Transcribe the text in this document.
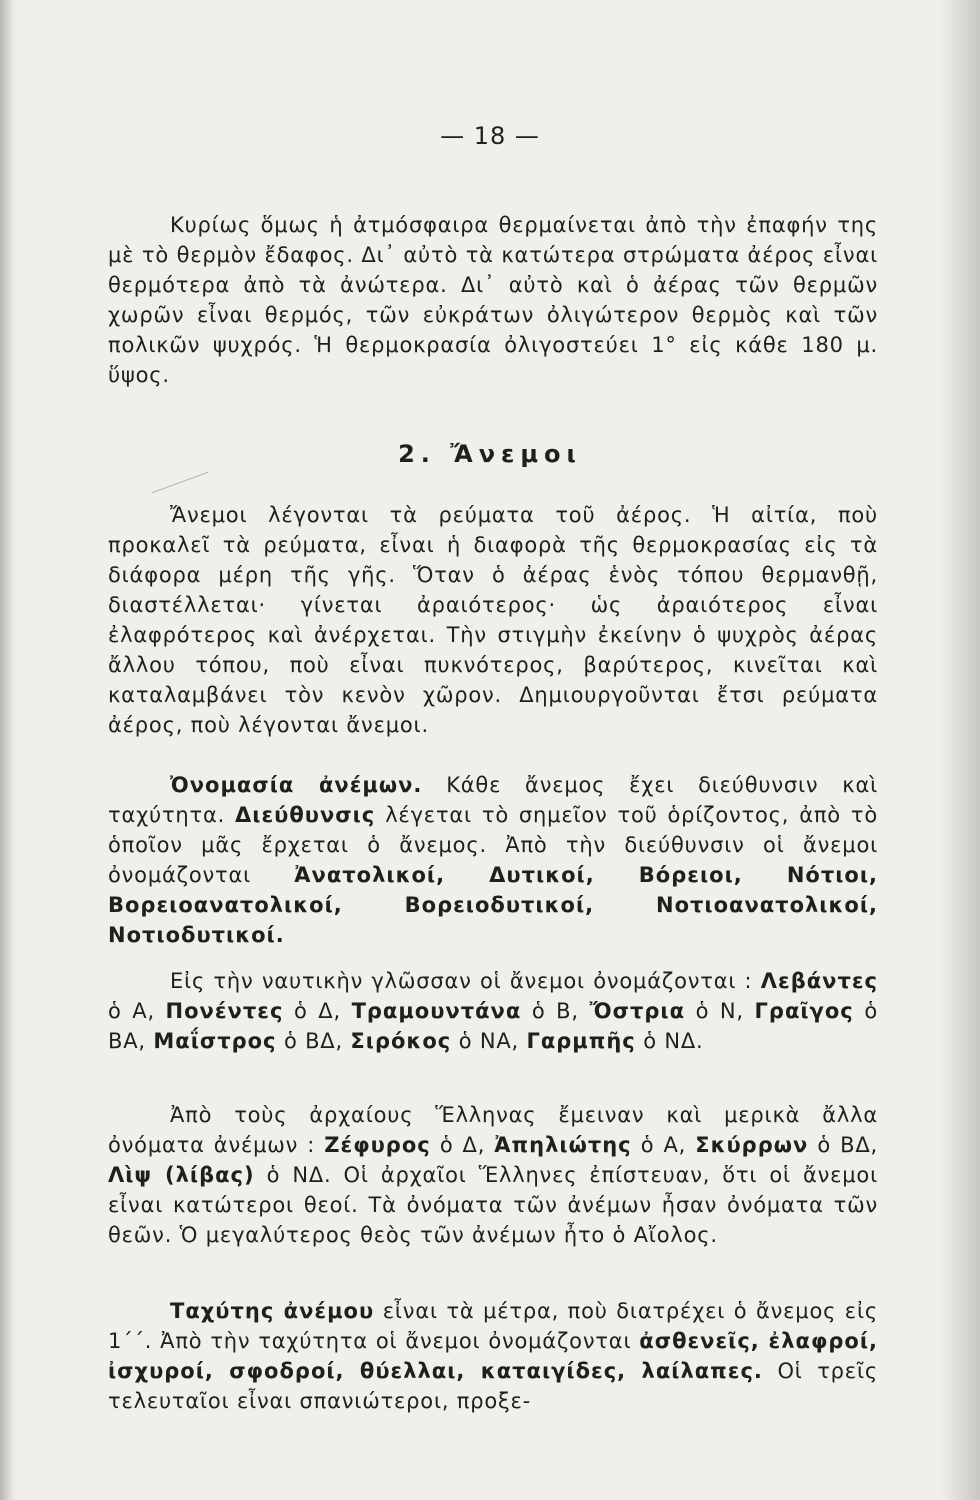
— 18 —

Κυρίως ὅμως ἡ ἀτμόσφαιρα θερμαίνεται ἀπὸ τὴν ἐπαφήν της μὲ τὸ θερμὸν ἔδαφος. Δι᾽ αὐτὸ τὰ κατώτερα στρώματα ἀέρος εἶναι θερμότερα ἀπὸ τὰ ἀνώτερα. Δι᾽ αὐτὸ καὶ ὁ ἀέρας τῶν θερμῶν χωρῶν εἶναι θερμός, τῶν εὐκράτων ὀλιγώτερον θερμὸς καὶ τῶν πολικῶν ψυχρός. Ἡ θερμοκρασία ὀλιγοστεύει 1° εἰς κάθε 180 μ. ὕψος.

2. Ἄνεμοι

Ἄνεμοι λέγονται τὰ ρεύματα τοῦ ἀέρος. Ἡ αἰτία, ποὺ προκαλεῖ τὰ ρεύματα, εἶναι ἡ διαφορὰ τῆς θερμοκρασίας εἰς τὰ διάφορα μέρη τῆς γῆς. Ὅταν ὁ ἀέρας ἑνὸς τόπου θερμανθῇ, διαστέλλεται· γίνεται ἀραιότερος· ὡς ἀραιότερος εἶναι ἐλαφρότερος καὶ ἀνέρχεται. Τὴν στιγμὴν ἐκείνην ὁ ψυχρὸς ἀέρας ἄλλου τόπου, ποὺ εἶναι πυκνότερος, βαρύτερος, κινεῖται καὶ καταλαμβάνει τὸν κενὸν χῶρον. Δημιουργοῦνται ἔτσι ρεύματα ἀέρος, ποὺ λέγονται ἄνεμοι.

Ὀνομασία ἀνέμων. Κάθε ἄνεμος ἔχει διεύθυνσιν καὶ ταχύτητα. Διεύθυνσις λέγεται τὸ σημεῖον τοῦ ὁρίζοντος, ἀπὸ τὸ ὁποῖον μᾶς ἔρχεται ὁ ἄνεμος. Ἀπὸ τὴν διεύθυνσιν οἱ ἄνεμοι ὀνομάζονται Ἀνατολικοί, Δυτικοί, Βόρειοι, Νότιοι, Βορειοανατολικοί, Βορειοδυτικοί, Νοτιοανατολικοί, Νοτιοδυτικοί.

Εἰς τὴν ναυτικὴν γλῶσσαν οἱ ἄνεμοι ὀνομάζονται : Λεβάντες ὁ Α, Πονέντες ὁ Δ, Τραμουντάνα ὁ Β, Ὄστρια ὁ Ν, Γραῖγος ὁ ΒΑ, Μαΐστρος ὁ ΒΔ, Σιρόκος ὁ ΝΑ, Γαρμπῆς ὁ ΝΔ.

Ἀπὸ τοὺς ἀρχαίους Ἕλληνας ἔμειναν καὶ μερικὰ ἄλλα ὀνόματα ἀνέμων : Ζέφυρος ὁ Δ, Ἀπηλιώτης ὁ Α, Σκύρρων ὁ ΒΔ, Λὶψ (λίβας) ὁ ΝΔ. Οἱ ἀρχαῖοι Ἕλληνες ἐπίστευαν, ὅτι οἱ ἄνεμοι εἶναι κατώτεροι θεοί. Τὰ ὀνόματα τῶν ἀνέμων ἦσαν ὀνόματα τῶν θεῶν. Ὁ μεγαλύτερος θεὸς τῶν ἀνέμων ἦτο ὁ Αἴολος.

Ταχύτης ἀνέμου εἶναι τὰ μέτρα, ποὺ διατρέχει ὁ ἄνεμος εἰς 1΄΄. Ἀπὸ τὴν ταχύτητα οἱ ἄνεμοι ὀνομάζονται ἀσθενεῖς, ἐλαφροί, ἰσχυροί, σφοδροί, θύελλαι, καταιγίδες, λαίλαπες. Οἱ τρεῖς τελευταῖοι εἶναι σπανιώτεροι, προξε-
